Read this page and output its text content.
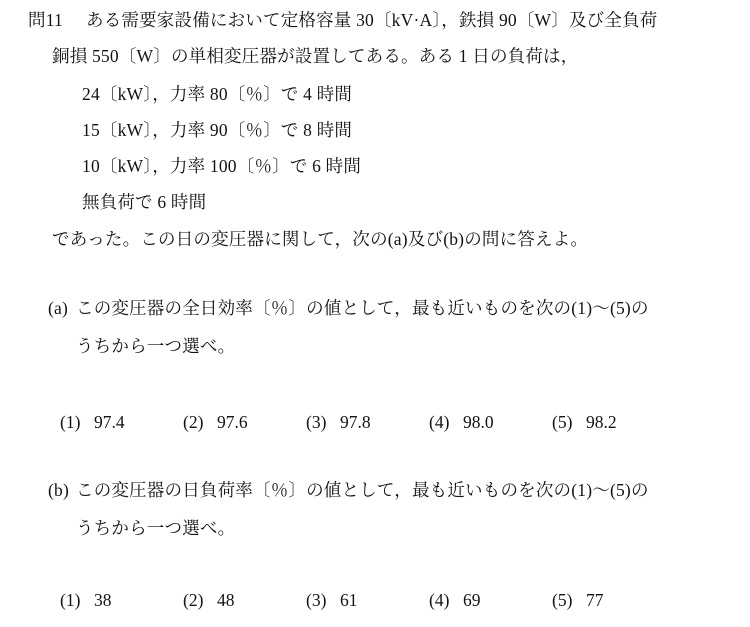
問11 ある需要家設備において定格容量 30〔kV·A〕，鉄損 90〔W〕及び全負荷
銅損 550〔W〕の単相変圧器が設置してある。ある 1 日の負荷は，
24〔kW〕，力率 80〔％〕で 4 時間
15〔kW〕，力率 90〔％〕で 8 時間
10〔kW〕，力率 100〔％〕で 6 時間
無負荷で 6 時間
であった。この日の変圧器に関して，次の(a)及び(b)の問に答えよ。
(a) この変圧器の全日効率〔％〕の値として，最も近いものを次の(1)〜(5)の
うちから一つ選べ。
(1) 97.4	(2) 97.6	(3) 97.8	(4) 98.0	(5) 98.2
(b) この変圧器の日負荷率〔％〕の値として，最も近いものを次の(1)〜(5)の
うちから一つ選べ。
(1) 38	(2) 48	(3) 61	(4) 69	(5) 77
